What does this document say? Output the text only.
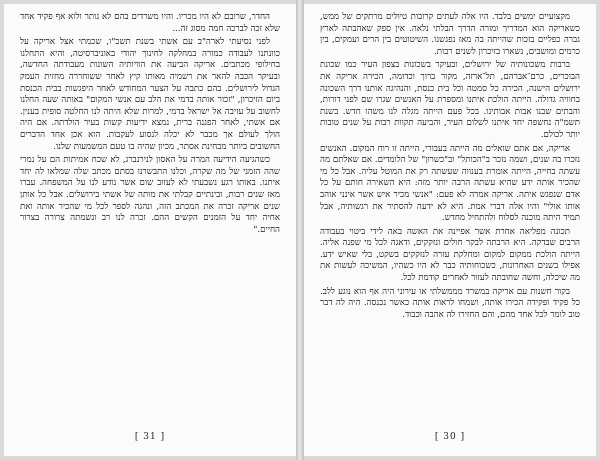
החדר, שרובם לא היו מכריו. והיו משרדים בהם לא נותר ולוא אף פקיד אחד שלא זכה לברכה חמה מסוג זה...

לפני נסיעתי לארה"ב עם אשתי בשנת תשכ"ו, שכמתי אצל אריקה על כוונתנו לעבודה כמורה במחלקה לחינוך יהודי באוניברסיטה, והיא התחלנו בחילופי מכתבים. אריקה הביעה את הוויותיה השונות מעבודתה החדשה, ובעיקר הכבה להאר את רשמיה מאותו קיץ לאחר ששוחררה מחזית העמק הגדול לירושלים. בהם כתבה על הצער המחודש לאחר היפגשות בבית הכנסת ביום הזיכרון, "זכור אותה בדמי את הלב עם אנשי המקום" באותה שעה החלנו לחשוב על עזיבה אל ישראל בדמי, למרות שלא היתה לנו החלטה סופית בענין. אם אשתי, לאחר הפגנה ברית, נמצא ידיעות קשות בעיר הולדתה. אם היה הולך לעולם אך מכבר לא יכלה לנסוע לעקבות. הוא אכן אחד הדברים החשובים ביותר מבחינת אסתר, מכיון שהיה בו טעם המשמעות שלנו.

כשהגיעה הידיעה המרה על האסון לנירנברג, לא שכח אמיתות הם על נמרי שהה הזמני של מה שקרה, וכלנו התבשרנו בסתם מכתב שלה שמלאו לה יחד איתנו. באותו רגע נשבעתי לא לעזוב שום אשר נודע לנו על המשפחה. עברו מאז שנים רבות, ובינתיים קבלתי את מותה של אשתי בירושלים. אבל כל אותן שנים אריקה זכרה את המכתב הזה, ונהגה לספר לכל מי שהכיר אותה ואת אחיה יחד על הזמנים הקשים ההם. זכרה לנו רב ונשמתה צרורה בצרור החיים."

[ 31 ]

מקצועיים ימשים בלבד. היו אלה לעתים קרובות טיולים מרתקים של ממש, כשאריקה הוא המדריך ומורה הדרך הבלתי נלאה. אין ספק שאהבתה לארץ גברה כפליים בזכות שהייתה בה מאז נפגשנו. השיטוטים בין הרים ועמקים, בין כרמים ומושבים, נשארו בזיכרון לשנים רבות.

ברבות משכונותיה של ירושלים, ובעיקר בשכונות בצפון העיר כמו שכונת הבוכרים, כרם־אברהם, תל־ארזה, מקור ברוך וכדומה, הכירה אריקה את ירושלים הישנה, הכירה כל סמטה וכל בית כנסת, והנהיגה אותנו דרך השכונה בחוויה גדולה. הייתה הולכת איתנו ומספרת על האנשים שגרו שם לפני דורות, והבתים שבנו אבות אבותינו. בכל פעם הייתה מגלה לנו משהו חדש. בשנת תשמ"ה נחשפה יחד איתנו לשלום העיר, והביעה תקוות רבות על שנים טובות יותר לכולם.

אריקה, אם אתם שואלים מה הייתה בעבורי, הייתה זו רוח המקום. האנשים נזכרו בה שנים, ושמה נזכר ב"הכותל" וב"כשרון" של הלומדים. אם שאלתם מה עשתה בחייה, הייתה אומרת בענווה שעשתה רק את המוטל עליה. אבל כל מי שהכיר אותה ידע שהיא עשתה הרבה יותר מזה: היא השאירה חותם על כל אדם שנפגש איתה. אריקה אמרה לא פעם: "אנשי מכיר איש אשר אינני אוהב אותו אולי" והיו אלה דברי אמת. היא לא ידעה להסתיר את רגשותיה, אבל תמיד היתה מוכנה לסלוח ולהתחיל מחדש.

תכונה מפליאה אחרת אשר אפיינה את האשה באה לידי ביטוי בעבודה הרבים שבדקה. היא הרבתה לבקר חולים ונזקקים, ודאגה לכל מי שפנה אליה. הייתה הולכת ממקום למקום ומחלקת עזרה לנזקקים בשקט, בלי שאיש ידע. אפילו בשנים האחרונות, כשכוחותיה כבר לא היו כשהיו, המשיכה לעשות את מה שיכלה, וחשה שחובתה לעזור לאחרים קודמת לכל.

בקור חשנות עם אריקה במשרד מממשלתי או עירוני היה אף הוא נוגע ללב. כל פקיד ופקידה הכירו אותה, ושמחו לראות אותה כאשר נכנסה. היה לה דבר טוב לומר לכל אחד מהם, והם החזירו לה אהבה וכבוד.

[ 30 ]
